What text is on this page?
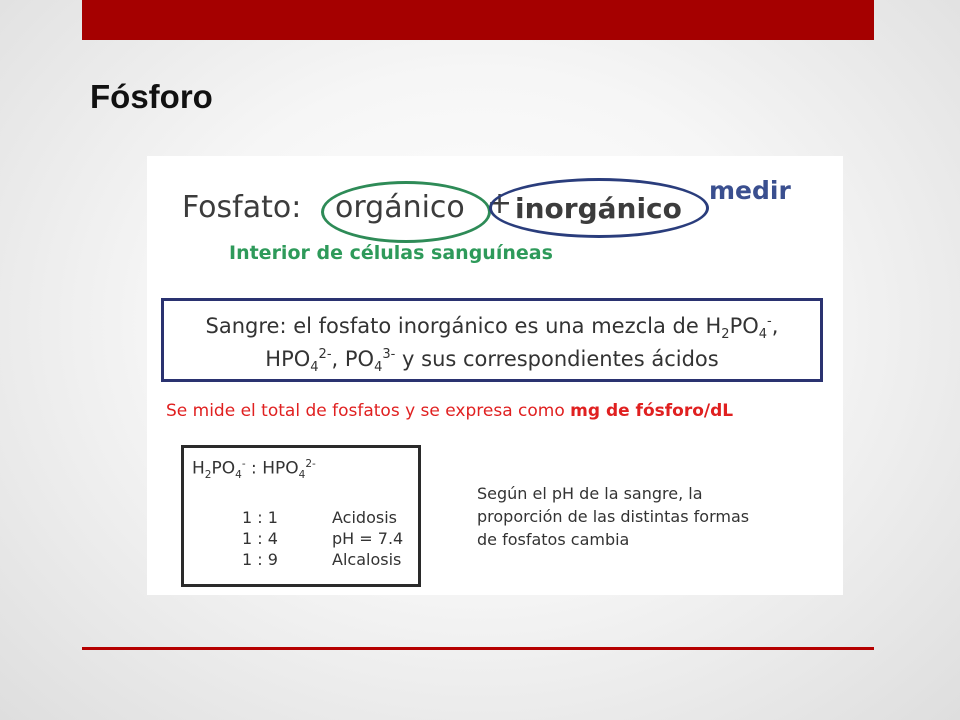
Fósforo
Fosfato: orgánico + inorgánico
medir
Interior de células sanguíneas
Sangre: el fosfato inorgánico es una mezcla de $H_2PO_4^-$,
$HPO_4^{2-}$, $PO_4^{3-}$ y sus correspondientes ácidos
Se mide el total de fosfatos y se expresa como mg de fósforo/dL
$H_2PO_4^-$ : $HPO_4^{2-}$
1 : 1	Acidosis
1 : 4	pH = 7.4
1 : 9	Alcalosis
Según el pH de la sangre, la
proporción de las distintas formas
de fosfatos cambia
